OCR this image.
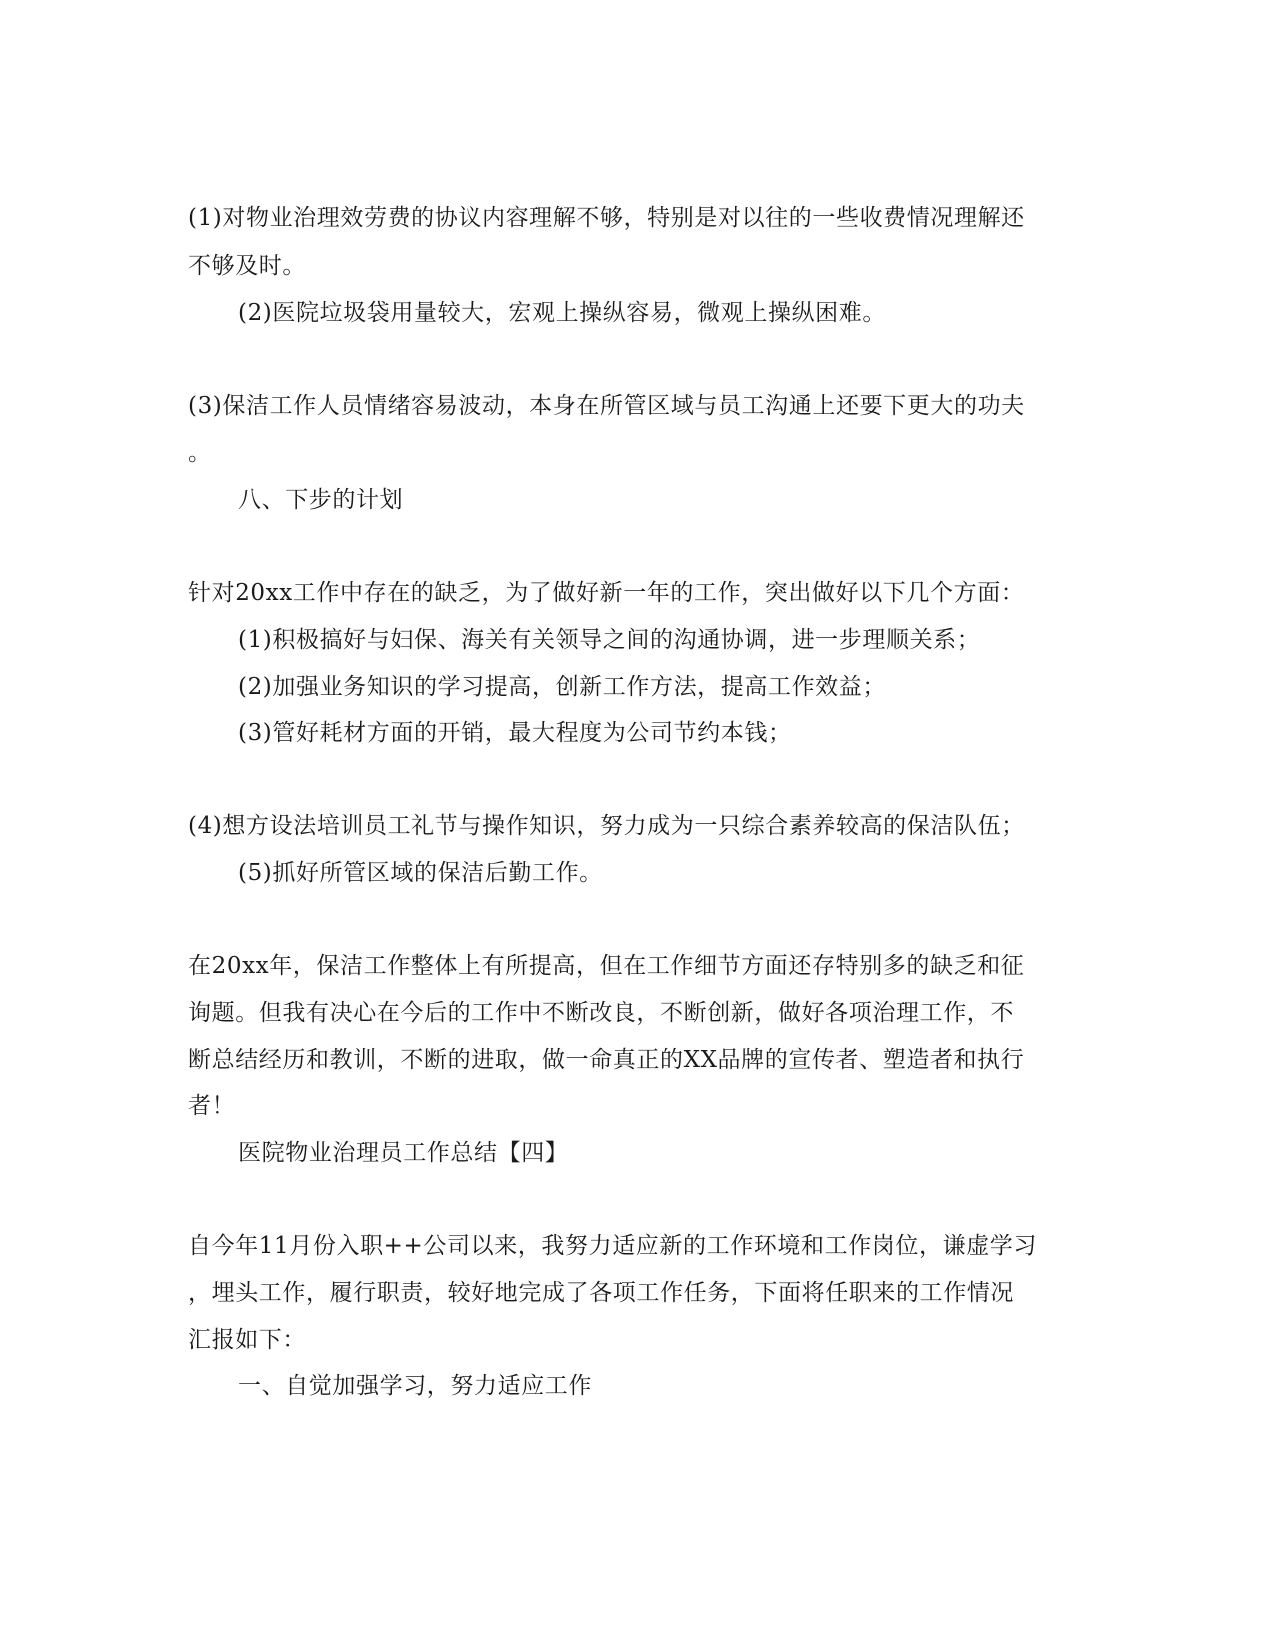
(1)对物业治理效劳费的协议内容理解不够，特别是对以往的一些收费情况理解还
不够及时。
(2)医院垃圾袋用量较大，宏观上操纵容易，微观上操纵困难。
(3)保洁工作人员情绪容易波动，本身在所管区域与员工沟通上还要下更大的功夫
。
八、下步的计划
针对20xx工作中存在的缺乏，为了做好新一年的工作，突出做好以下几个方面：
(1)积极搞好与妇保、海关有关领导之间的沟通协调，进一步理顺关系；
(2)加强业务知识的学习提高，创新工作方法，提高工作效益；
(3)管好耗材方面的开销，最大程度为公司节约本钱；
(4)想方设法培训员工礼节与操作知识，努力成为一只综合素养较高的保洁队伍；
(5)抓好所管区域的保洁后勤工作。
在20xx年，保洁工作整体上有所提高，但在工作细节方面还存特别多的缺乏和征
询题。但我有决心在今后的工作中不断改良，不断创新，做好各项治理工作，不
断总结经历和教训，不断的进取，做一命真正的XX品牌的宣传者、塑造者和执行
者！
医院物业治理员工作总结【四】
自今年11月份入职++公司以来，我努力适应新的工作环境和工作岗位，谦虚学习
，埋头工作，履行职责，较好地完成了各项工作任务，下面将任职来的工作情况
汇报如下：
一、自觉加强学习，努力适应工作
